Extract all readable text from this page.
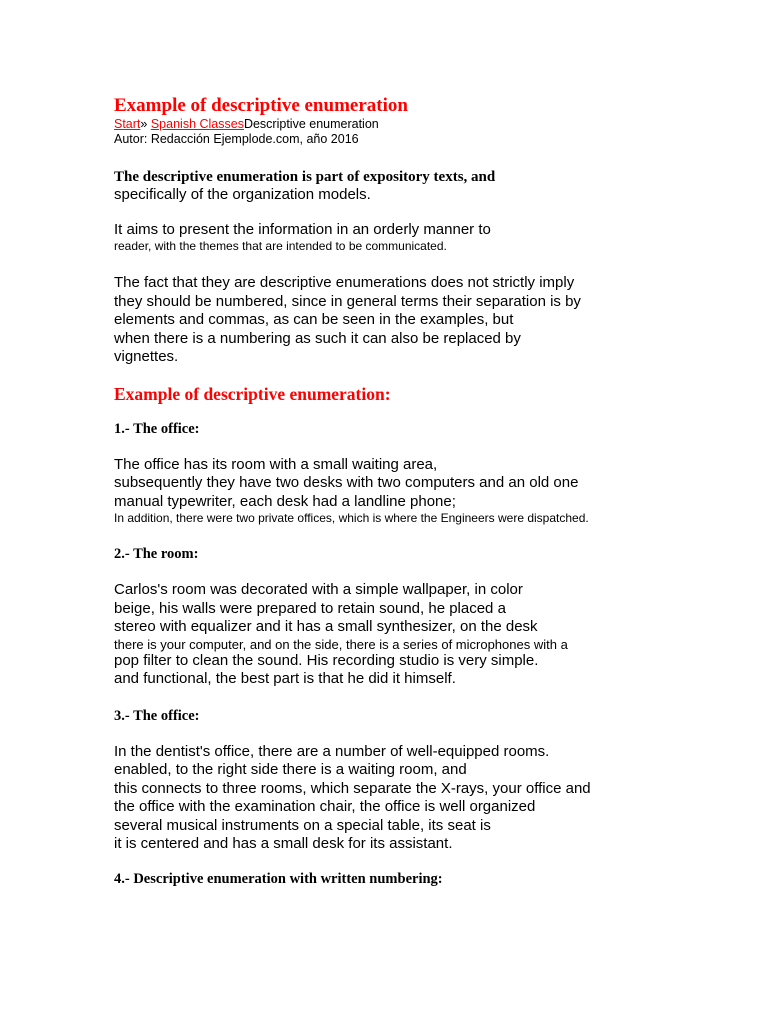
Example of descriptive enumeration
Start» Spanish ClassesDescriptive enumeration
Autor: Redacción Ejemplode.com, año 2016
The descriptive enumeration is part of expository texts, and
specifically of the organization models.
It aims to present the information in an orderly manner to
reader, with the themes that are intended to be communicated.
The fact that they are descriptive enumerations does not strictly imply
they should be numbered, since in general terms their separation is by
elements and commas, as can be seen in the examples, but
when there is a numbering as such it can also be replaced by
vignettes.
Example of descriptive enumeration:
1.- The office:
The office has its room with a small waiting area,
subsequently they have two desks with two computers and an old one
manual typewriter, each desk had a landline phone;
In addition, there were two private offices, which is where the Engineers were dispatched.
2.- The room:
Carlos's room was decorated with a simple wallpaper, in color
beige, his walls were prepared to retain sound, he placed a
stereo with equalizer and it has a small synthesizer, on the desk
there is your computer, and on the side, there is a series of microphones with a
pop filter to clean the sound. His recording studio is very simple.
and functional, the best part is that he did it himself.
3.- The office:
In the dentist's office, there are a number of well-equipped rooms.
enabled, to the right side there is a waiting room, and
this connects to three rooms, which separate the X-rays, your office and
the office with the examination chair, the office is well organized
several musical instruments on a special table, its seat is
it is centered and has a small desk for its assistant.
4.- Descriptive enumeration with written numbering:
